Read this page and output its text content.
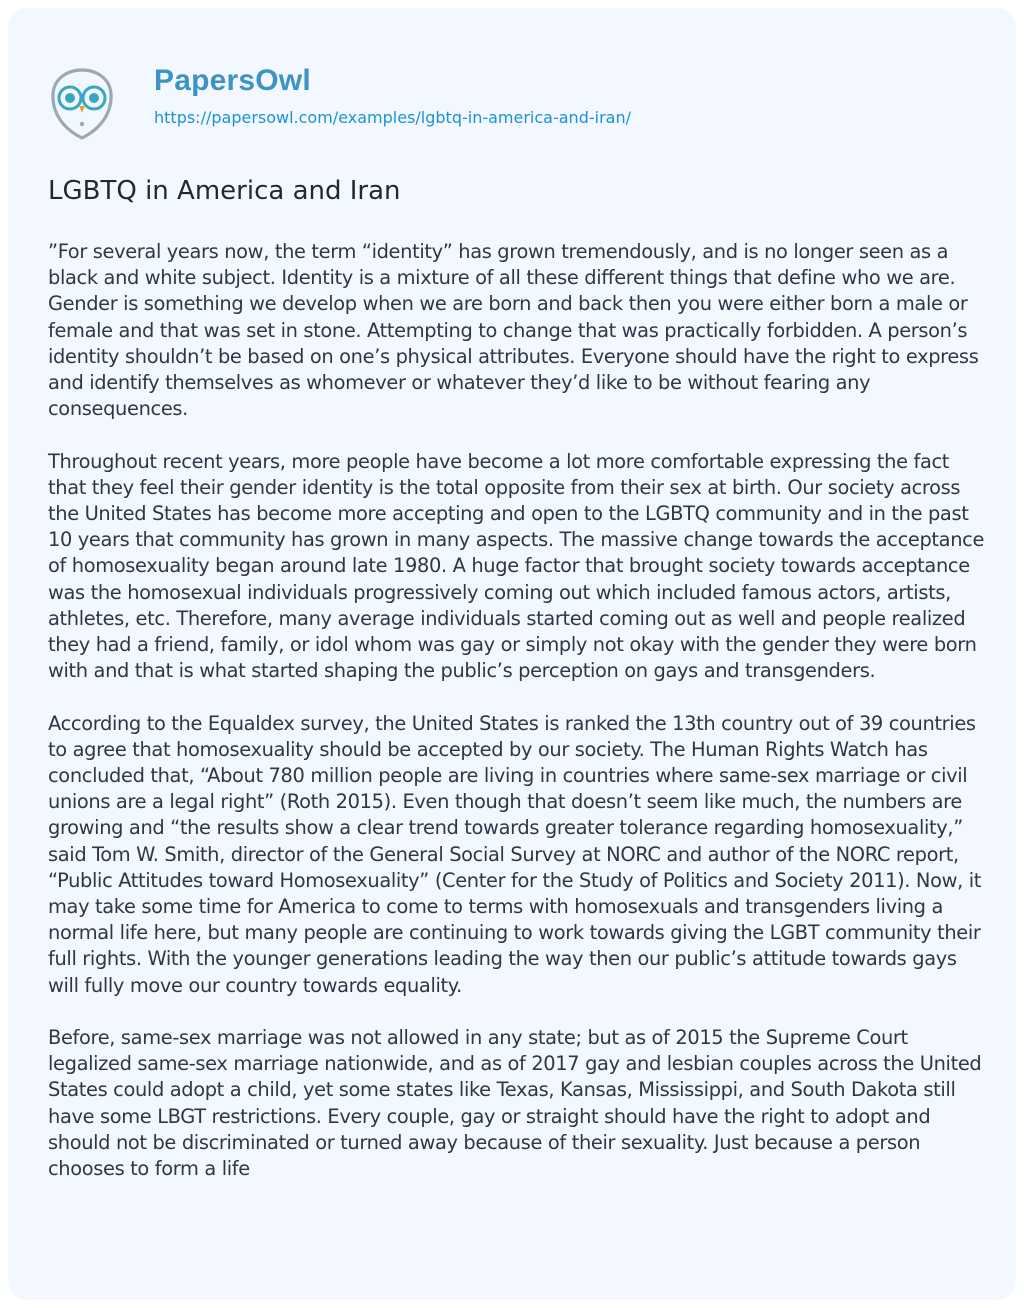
PapersOwl
https://papersowl.com/examples/lgbtq-in-america-and-iran/
LGBTQ in America and Iran

”For several years now, the term “identity” has grown tremendously, and is no longer seen as a black and white subject. Identity is a mixture of all these different things that define who we are. Gender is something we develop when we are born and back then you were either born a male or female and that was set in stone. Attempting to change that was practically forbidden. A person’s identity shouldn’t be based on one’s physical attributes. Everyone should have the right to express and identify themselves as whomever or whatever they’d like to be without fearing any consequences.

Throughout recent years, more people have become a lot more comfortable expressing the fact that they feel their gender identity is the total opposite from their sex at birth. Our society across the United States has become more accepting and open to the LGBTQ community and in the past 10 years that community has grown in many aspects. The massive change towards the acceptance of homosexuality began around late 1980. A huge factor that brought society towards acceptance was the homosexual individuals progressively coming out which included famous actors, artists, athletes, etc. Therefore, many average individuals started coming out as well and people realized they had a friend, family, or idol whom was gay or simply not okay with the gender they were born with and that is what started shaping the public’s perception on gays and transgenders.

According to the Equaldex survey, the United States is ranked the 13th country out of 39 countries to agree that homosexuality should be accepted by our society. The Human Rights Watch has concluded that, “About 780 million people are living in countries where same-sex marriage or civil unions are a legal right” (Roth 2015). Even though that doesn’t seem like much, the numbers are growing and “the results show a clear trend towards greater tolerance regarding homosexuality,” said Tom W. Smith, director of the General Social Survey at NORC and author of the NORC report, “Public Attitudes toward Homosexuality” (Center for the Study of Politics and Society 2011). Now, it may take some time for America to come to terms with homosexuals and transgenders living a normal life here, but many people are continuing to work towards giving the LGBT community their full rights. With the younger generations leading the way then our public’s attitude towards gays will fully move our country towards equality.

Before, same-sex marriage was not allowed in any state; but as of 2015 the Supreme Court legalized same-sex marriage nationwide, and as of 2017 gay and lesbian couples across the United States could adopt a child, yet some states like Texas, Kansas, Mississippi, and South Dakota still have some LBGT restrictions. Every couple, gay or straight should have the right to adopt and should not be discriminated or turned away because of their sexuality. Just because a person chooses to form a life
